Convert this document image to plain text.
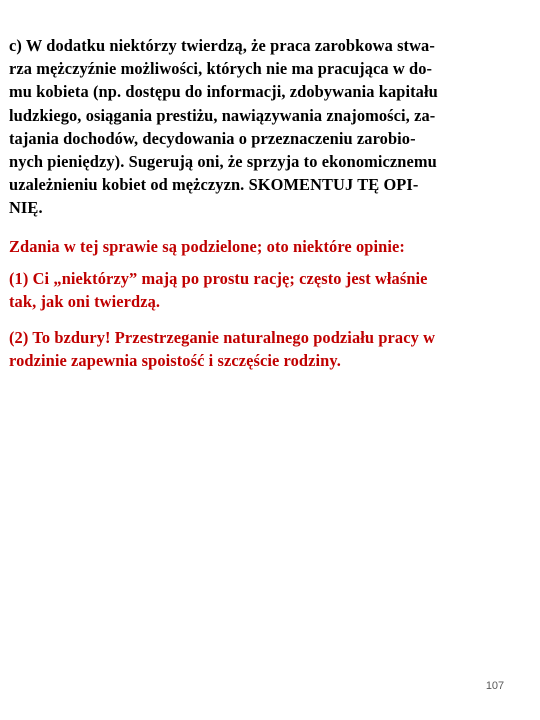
c) W dodatku niektórzy twierdzą, że praca zarobkowa stwa-
rza mężczyźnie możliwości, których nie ma pracująca w do-
mu kobieta (np. dostępu do informacji, zdobywania kapitału
ludzkiego, osiągania prestiżu, nawiązywania znajomości, za-
tajania dochodów, decydowania o przeznaczeniu zarobio-
nych pieniędzy). Sugerują oni, że sprzyja to ekonomicznemu
uzależnieniu kobiet od mężczyzn. SKOMENTUJ TĘ OPI-
NIĘ.

Zdania w tej sprawie są podzielone; oto niektóre opinie:

(1) Ci „niektórzy” mają po prostu rację; często jest właśnie
tak, jak oni twierdzą.

(2) To bzdury! Przestrzeganie naturalnego podziału pracy w
rodzinie zapewnia spoistość i szczęście rodziny.

107
